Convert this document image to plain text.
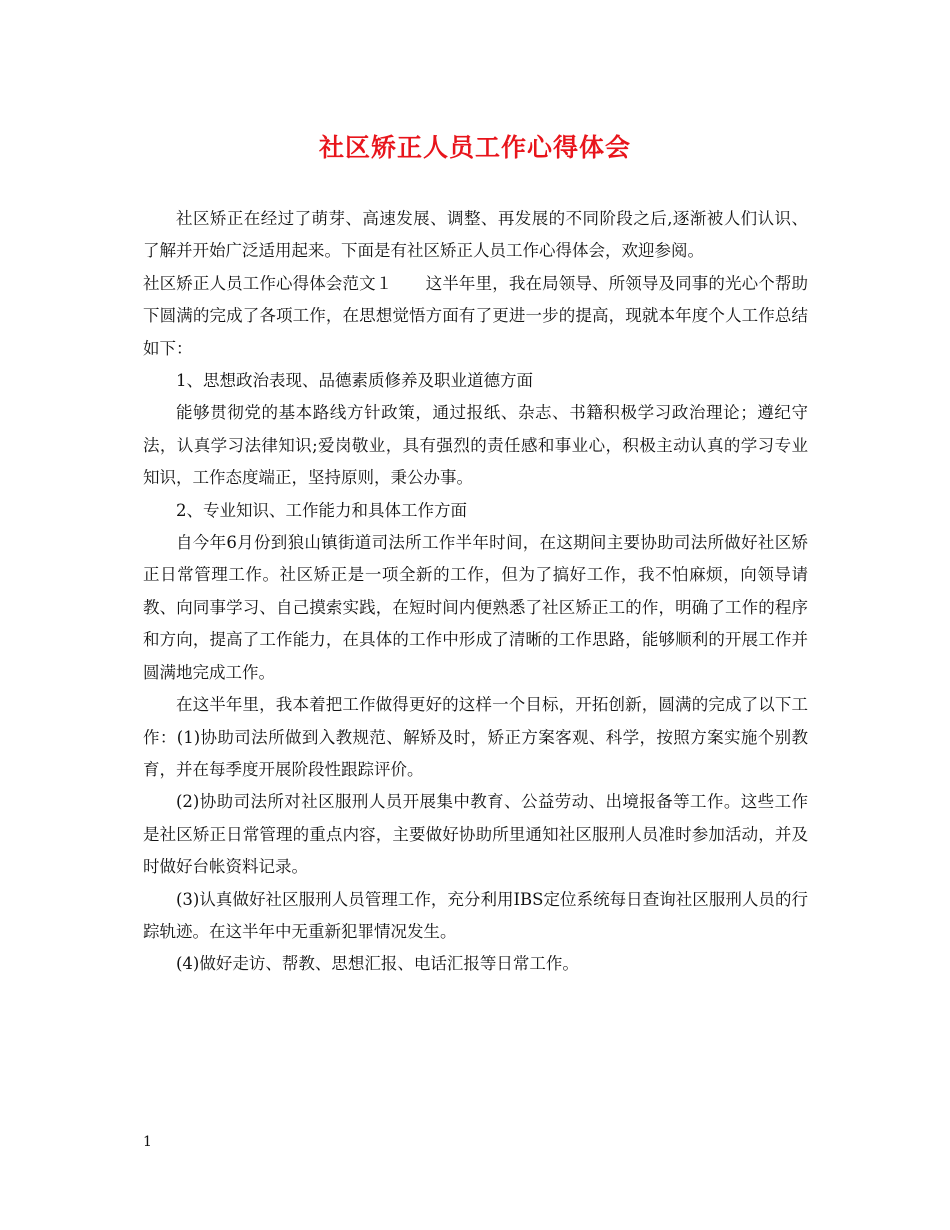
社区矫正人员工作心得体会

社区矫正在经过了萌芽、高速发展、调整、再发展的不同阶段之后,逐渐被人们认识、了解并开始广泛适用起来。下面是有社区矫正人员工作心得体会，欢迎参阅。

社区矫正人员工作心得体会范文１　　这半年里，我在局领导、所领导及同事的光心个帮助下圆满的完成了各项工作，在思想觉悟方面有了更进一步的提高，现就本年度个人工作总结如下：

1、思想政治表现、品德素质修养及职业道德方面

能够贯彻党的基本路线方针政策，通过报纸、杂志、书籍积极学习政治理论；遵纪守法，认真学习法律知识;爱岗敬业，具有强烈的责任感和事业心，积极主动认真的学习专业知识，工作态度端正，坚持原则，秉公办事。

2、专业知识、工作能力和具体工作方面

自今年6月份到狼山镇街道司法所工作半年时间，在这期间主要协助司法所做好社区矫正日常管理工作。社区矫正是一项全新的工作，但为了搞好工作，我不怕麻烦，向领导请教、向同事学习、自己摸索实践，在短时间内便熟悉了社区矫正工的作，明确了工作的程序和方向，提高了工作能力，在具体的工作中形成了清晰的工作思路，能够顺利的开展工作并圆满地完成工作。

在这半年里，我本着把工作做得更好的这样一个目标，开拓创新，圆满的完成了以下工作：(1)协助司法所做到入教规范、解矫及时，矫正方案客观、科学，按照方案实施个别教育，并在每季度开展阶段性跟踪评价。

(2)协助司法所对社区服刑人员开展集中教育、公益劳动、出境报备等工作。这些工作是社区矫正日常管理的重点内容，主要做好协助所里通知社区服刑人员准时参加活动，并及时做好台帐资料记录。

(3)认真做好社区服刑人员管理工作，充分利用IBS定位系统每日查询社区服刑人员的行踪轨迹。在这半年中无重新犯罪情况发生。

(4)做好走访、帮教、思想汇报、电话汇报等日常工作。

1
